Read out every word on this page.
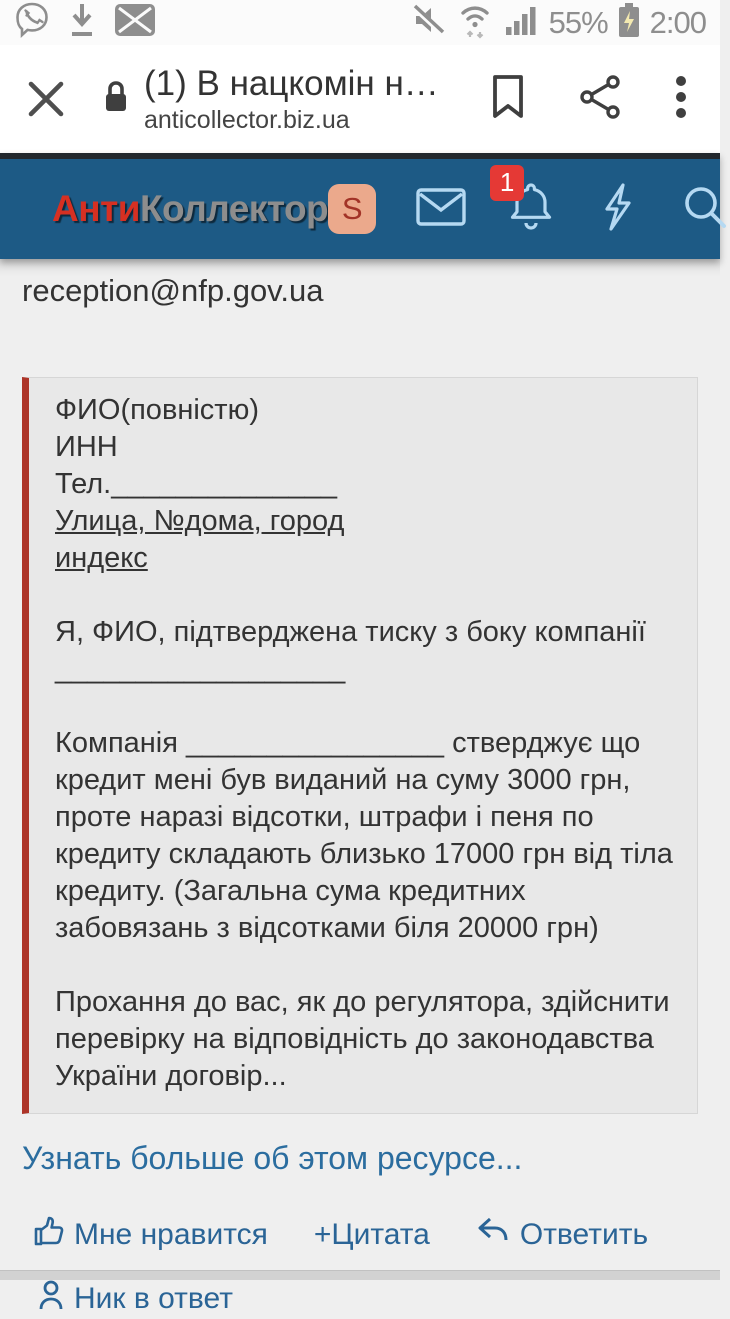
55% 2:00
(1) В нацкомін н…
anticollector.biz.ua
АнтиКоллектор S
1
reception@nfp.gov.ua

ФИО(повністю)
ИНН
Тел.______________
Улица, №дома, город
индекс

Я, ФИО, підтверджена тиску з боку компанії
__________________

Компанія ________________ стверджує що кредит мені був виданий на суму 3000 грн, проте наразі відсотки, штрафи і пеня по кредиту складають близько 17000 грн від тіла кредиту. (Загальна сума кредитних забовязань з відсотками біля 20000 грн)

Прохання до вас, як до регулятора, здійснити перевірку на відповідність до законодавства України договір...

Узнать больше об этом ресурсе...
Мне нравится +Цитата	Ответить
Ник в ответ
